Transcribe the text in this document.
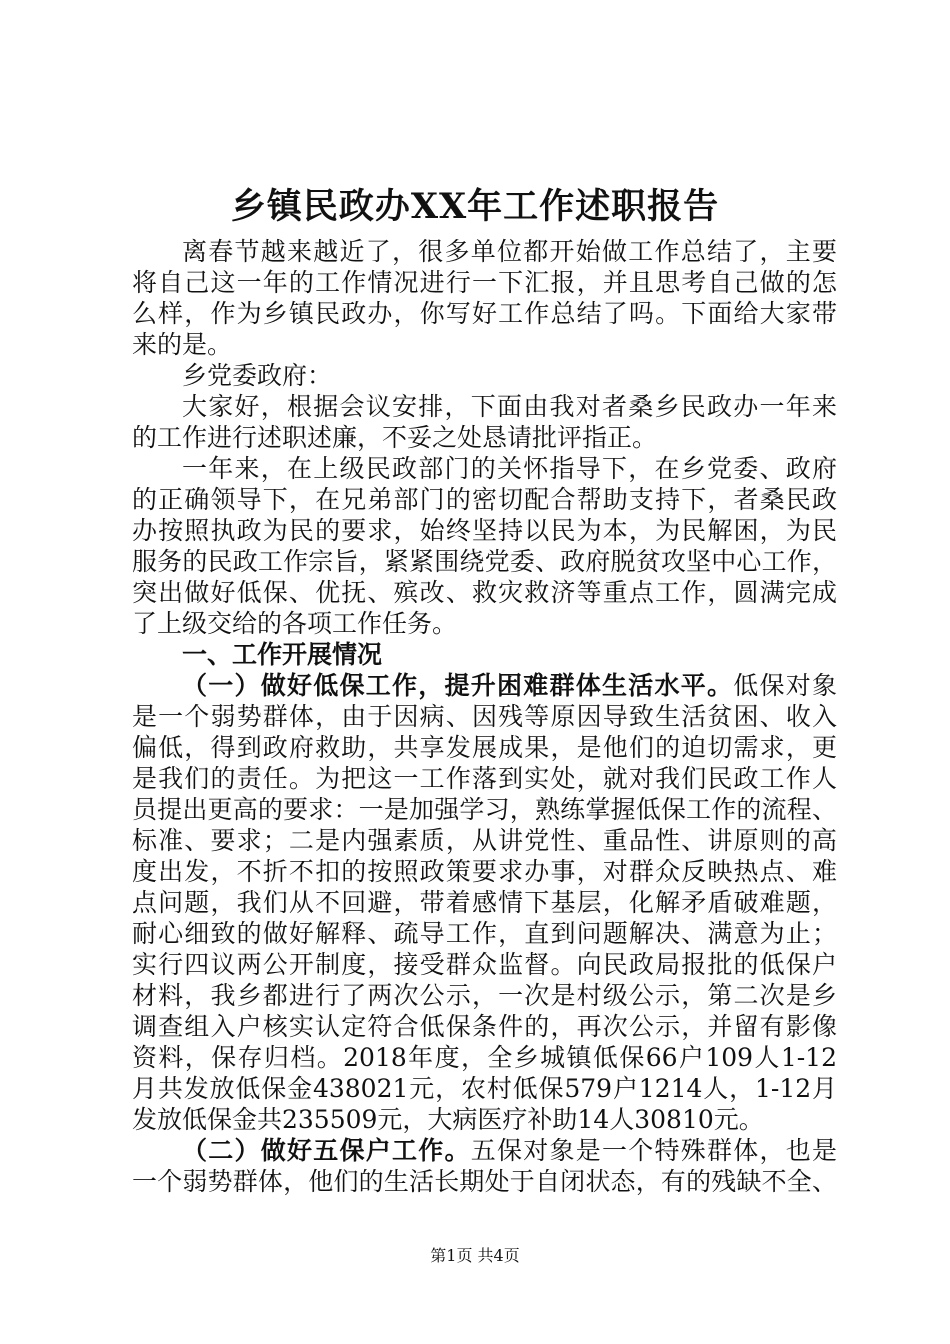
乡镇民政办XX年工作述职报告
离春节越来越近了，很多单位都开始做工作总结了，主要
将自己这一年的工作情况进行一下汇报，并且思考自己做的怎
么样，作为乡镇民政办，你写好工作总结了吗。下面给大家带
来的是。
乡党委政府：
大家好，根据会议安排，下面由我对者桑乡民政办一年来
的工作进行述职述廉，不妥之处恳请批评指正。
一年来，在上级民政部门的关怀指导下，在乡党委、政府
的正确领导下，在兄弟部门的密切配合帮助支持下，者桑民政
办按照执政为民的要求，始终坚持以民为本，为民解困，为民
服务的民政工作宗旨，紧紧围绕党委、政府脱贫攻坚中心工作，
突出做好低保、优抚、殡改、救灾救济等重点工作，圆满完成
了上级交给的各项工作任务。
一、工作开展情况
（一）做好低保工作，提升困难群体生活水平。低保对象
是一个弱势群体，由于因病、因残等原因导致生活贫困、收入
偏低，得到政府救助，共享发展成果，是他们的迫切需求，更
是我们的责任。为把这一工作落到实处，就对我们民政工作人
员提出更高的要求：一是加强学习，熟练掌握低保工作的流程、
标准、要求；二是内强素质，从讲党性、重品性、讲原则的高
度出发，不折不扣的按照政策要求办事，对群众反映热点、难
点问题，我们从不回避，带着感情下基层，化解矛盾破难题，
耐心细致的做好解释、疏导工作，直到问题解决、满意为止；
实行四议两公开制度，接受群众监督。向民政局报批的低保户
材料，我乡都进行了两次公示，一次是村级公示，第二次是乡
调查组入户核实认定符合低保条件的，再次公示，并留有影像
资料，保存归档。2018年度，全乡城镇低保66户109人1-12
月共发放低保金438021元，农村低保579户1214人，1-12月
发放低保金共235509元，大病医疗补助14人30810元。
（二）做好五保户工作。五保对象是一个特殊群体，也是
一个弱势群体，他们的生活长期处于自闭状态，有的残缺不全、
第1页 共4页
